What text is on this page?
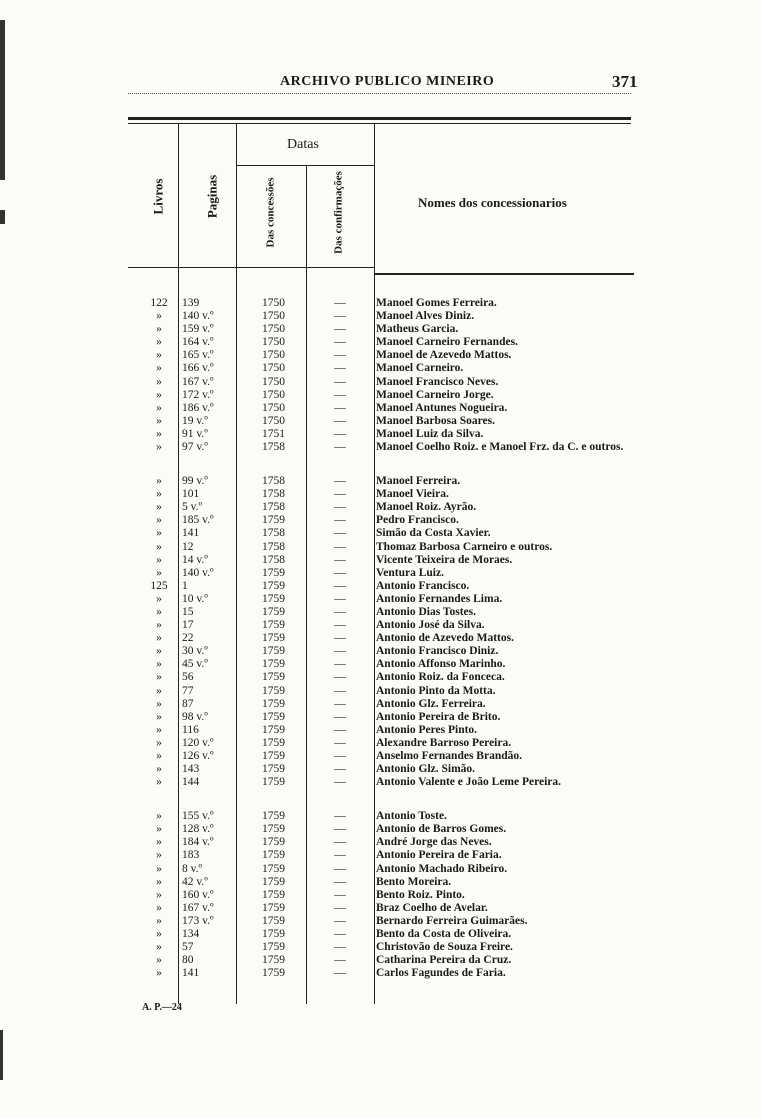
ARCHIVO PUBLICO MINEIRO	371
Livros	Paginas
Datas
Das concessões	Das confirmações	Nomes dos concessionarios
122	139	1750	—	Manoel Gomes Ferreira.
»	140 v.º	1750	—	Manoel Alves Diniz.
»	159 v.º	1750	—	Matheus Garcia.
»	164 v.º	1750	—	Manoel Carneiro Fernandes.
»	165 v.º	1750	—	Manoel de Azevedo Mattos.
»	166 v.º	1750	—	Manoel Carneiro.
»	167 v.º	1750	—	Manoel Francisco Neves.
»	172 v.º	1750	—	Manoel Carneiro Jorge.
»	186 v.º	1750	—	Manoel Antunes Nogueira.
»	19 v.º	1750	—	Manoel Barbosa Soares.
»	91 v.º	1751	—	Manoel Luiz da Silva.
»	97 v.º	1758	—	Manoel Coelho Roiz. e Manoel Frz. da C. e outros.
»	99 v.º	1758	—	Manoel Ferreira.
»	101	1758	—	Manoel Vieira.
»	5 v.º	1758	—	Manoel Roiz. Ayrão.
»	185 v.º	1759	—	Pedro Francisco.
»	141	1758	—	Simão da Costa Xavier.
»	12	1758	—	Thomaz Barbosa Carneiro e outros.
»	14 v.º	1758	—	Vicente Teixeira de Moraes.
»	140 v.º	1759	—	Ventura Luiz.
125	1	1759	—	Antonio Francisco.
»	10 v.º	1759	—	Antonio Fernandes Lima.
»	15	1759	—	Antonio Dias Tostes.
»	17	1759	—	Antonio José da Silva.
»	22	1759	—	Antonio de Azevedo Mattos.
»	30 v.º	1759	—	Antonio Francisco Diniz.
»	45 v.º	1759	—	Antonio Affonso Marinho.
»	56	1759	—	Antonio Roiz. da Fonceca.
»	77	1759	—	Antonio Pinto da Motta.
»	87	1759	—	Antonio Glz. Ferreira.
»	98 v.º	1759	—	Antonio Pereira de Brito.
»	116	1759	—	Antonio Peres Pinto.
»	120 v.º	1759	—	Alexandre Barroso Pereira.
»	126 v.º	1759	—	Anselmo Fernandes Brandão.
»	143	1759	—	Antonio Glz. Simão.
»	144	1759	—	Antonio Valente e João Leme Pereira.
»	155 v.º	1759	—	Antonio Toste.
»	128 v.º	1759	—	Antonio de Barros Gomes.
»	184 v.º	1759	—	André Jorge das Neves.
»	183	1759	—	Antonio Pereira de Faria.
»	8 v.º	1759	—	Antonio Machado Ribeiro.
»	42 v.º	1759	—	Bento Moreira.
»	160 v.º	1759	—	Bento Roiz. Pinto.
»	167 v.º	1759	—	Braz Coelho de Avelar.
»	173 v.º	1759	—	Bernardo Ferreira Guimarães.
»	134	1759	—	Bento da Costa de Oliveira.
»	57	1759	—	Christovão de Souza Freire.
»	80	1759	—	Catharina Pereira da Cruz.
»	141	1759	—	Carlos Fagundes de Faria.
A. P.—24
